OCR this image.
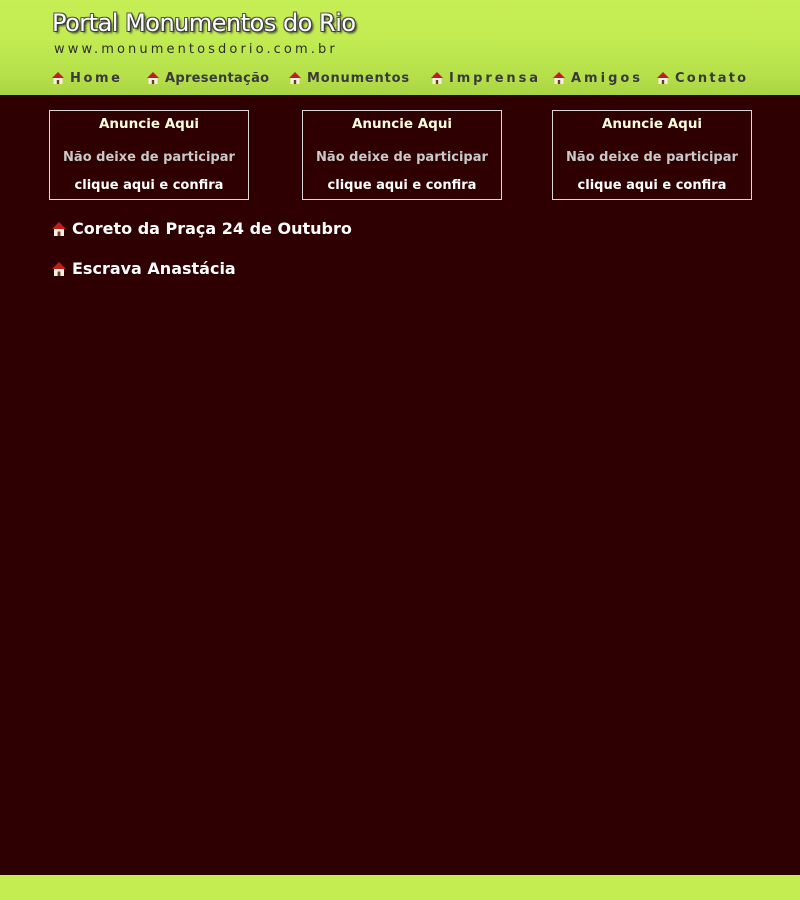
Portal Monumentos do Rio
www.monumentosdorio.com.br
Home	Apresentação	Monumentos	Imprensa Amigos Contato
Anuncie Aqui
Não deixe de participar
clique aqui e confira
Anuncie Aqui
Não deixe de participar
clique aqui e confira
Anuncie Aqui
Não deixe de participar
clique aqui e confira
Coreto da Praça 24 de Outubro
Escrava Anastácia
